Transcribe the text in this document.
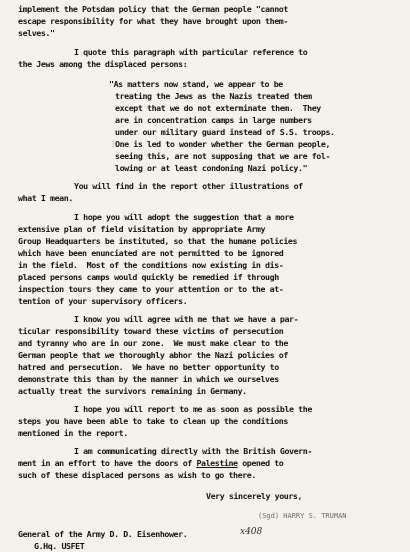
implement the Potsdam policy that the German people "cannot

escape responsibility for what they have brought upon them-

selves."

I quote this paragraph with particular reference to

the Jews among the displaced persons:

"As matters now stand, we appear to be

treating the Jews as the Nazis treated them

except that we do not exterminate them.  They

are in concentration camps in large numbers

under our military guard instead of S.S. troops.

One is led to wonder whether the German people,

seeing this, are not supposing that we are fol-

lowing or at least condoning Nazi policy."

You will find in the report other illustrations of

what I mean.

I hope you will adopt the suggestion that a more

extensive plan of field visitation by appropriate Army

Group Headquarters be instituted, so that the humane policies

which have been enunciated are not permitted to be ignored

in the field.  Most of the conditions now existing in dis-

placed persons camps would quickly be remedied if through

inspection tours they came to your attention or to the at-

tention of your supervisory officers.

I know you will agree with me that we have a par-

ticular responsibility toward these victims of persecution

and tyranny who are in our zone.  We must make clear to the

German people that we thoroughly abhor the Nazi policies of

hatred and persecution.  We have no better opportunity to

demonstrate this than by the manner in which we ourselves

actually treat the survivors remaining in Germany.

I hope you will report to me as soon as possible the

steps you have been able to take to clean up the conditions

mentioned in the report.

I am communicating directly with the British Govern-

ment in an effort to have the doors of Palestine opened to

such of these displaced persons as wish to go there.

Very sincerely yours,

(Sgd) HARRY S. TRUMAN

General of the Army D. D. Eisenhower.

	x408

G.Hq. USFET
